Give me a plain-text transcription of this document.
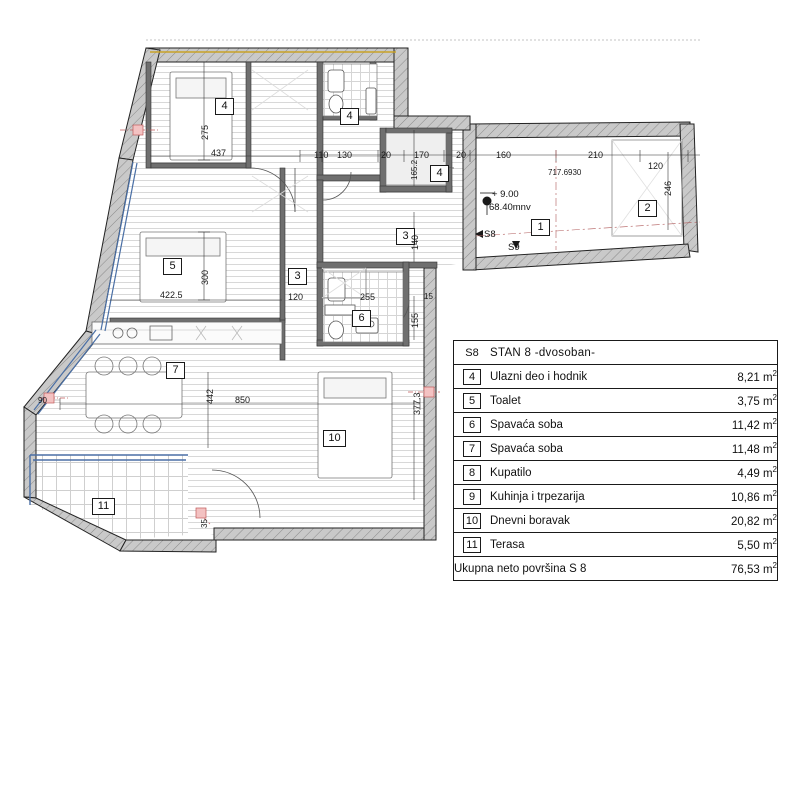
4
5
3
4
4
3
6
7
10
11
1
2
275
437
300
422.5	120
850
442	377.3
130
110	20	170	20	160	210
120
165.2
246
140
255
155
15
717.6930
90
35
+ 9.00
68.40mnv
S8
S9
S8	STAN 8 -dvosoban-	
4	Ulazni deo i hodnik	8,21 $m^2$
5	Toalet	3,75 $m^2$
6	Spavaća soba	11,42 $m^2$
7	Spavaća soba	11,48 $m^2$
8	Kupatilo	4,49 $m^2$
9	Kuhinja i trpezarija	10,86 $m^2$
10	Dnevni boravak	20,82 $m^2$
11	Terasa	5,50 $m^2$
Ukupna neto površina S 8		76,53 $m^2$
